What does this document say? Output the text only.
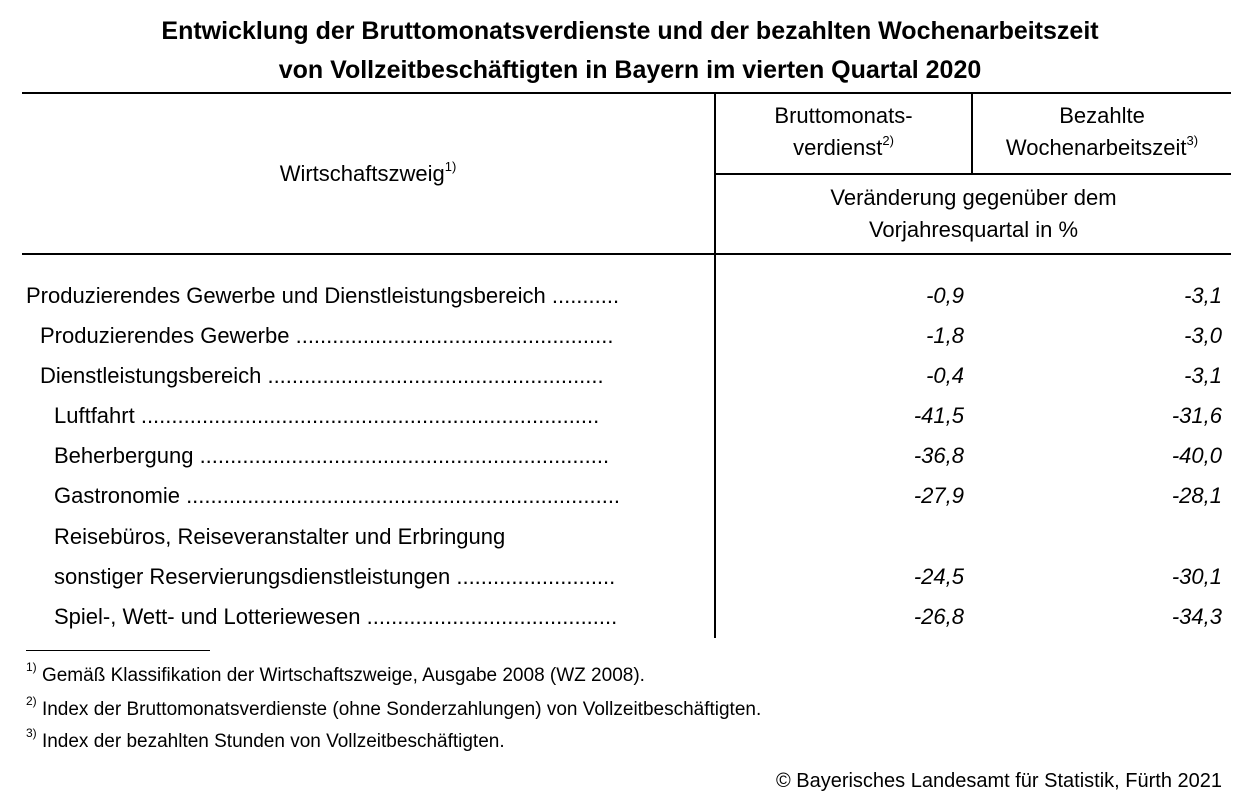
Entwicklung der Bruttomonatsverdienste und der bezahlten Wochenarbeitszeit
von Vollzeitbeschäftigten in Bayern im vierten Quartal 2020
Wirtschaftszweig$^{1)}$
Bruttomonats-
verdienst$^{2)}$
Bezahlte
Wochenarbeitszeit$^{3)}$
Veränderung gegenüber dem
Vorjahresquartal in %
Produzierendes Gewerbe und Dienstleistungsbereich ...........	-0,9	-3,1
Produzierendes Gewerbe ....................................................	-1,8	-3,0
Dienstleistungsbereich .......................................................	-0,4	-3,1
Luftfahrt ...........................................................................	-41,5	-31,6
Beherbergung ...................................................................	-36,8	-40,0
Gastronomie .......................................................................	-27,9	-28,1
Reisebüros, Reiseveranstalter und Erbringung
sonstiger Reservierungsdienstleistungen ..........................	-24,5	-30,1
Spiel-, Wett- und Lotteriewesen .........................................	-26,8	-34,3
$^{1)}$ Gemäß Klassifikation der Wirtschaftszweige, Ausgabe 2008 (WZ 2008).
$^{2)}$ Index der Bruttomonatsverdienste (ohne Sonderzahlungen) von Vollzeitbeschäftigten.
$^{3)}$ Index der bezahlten Stunden von Vollzeitbeschäftigten.
© Bayerisches Landesamt für Statistik, Fürth 2021
